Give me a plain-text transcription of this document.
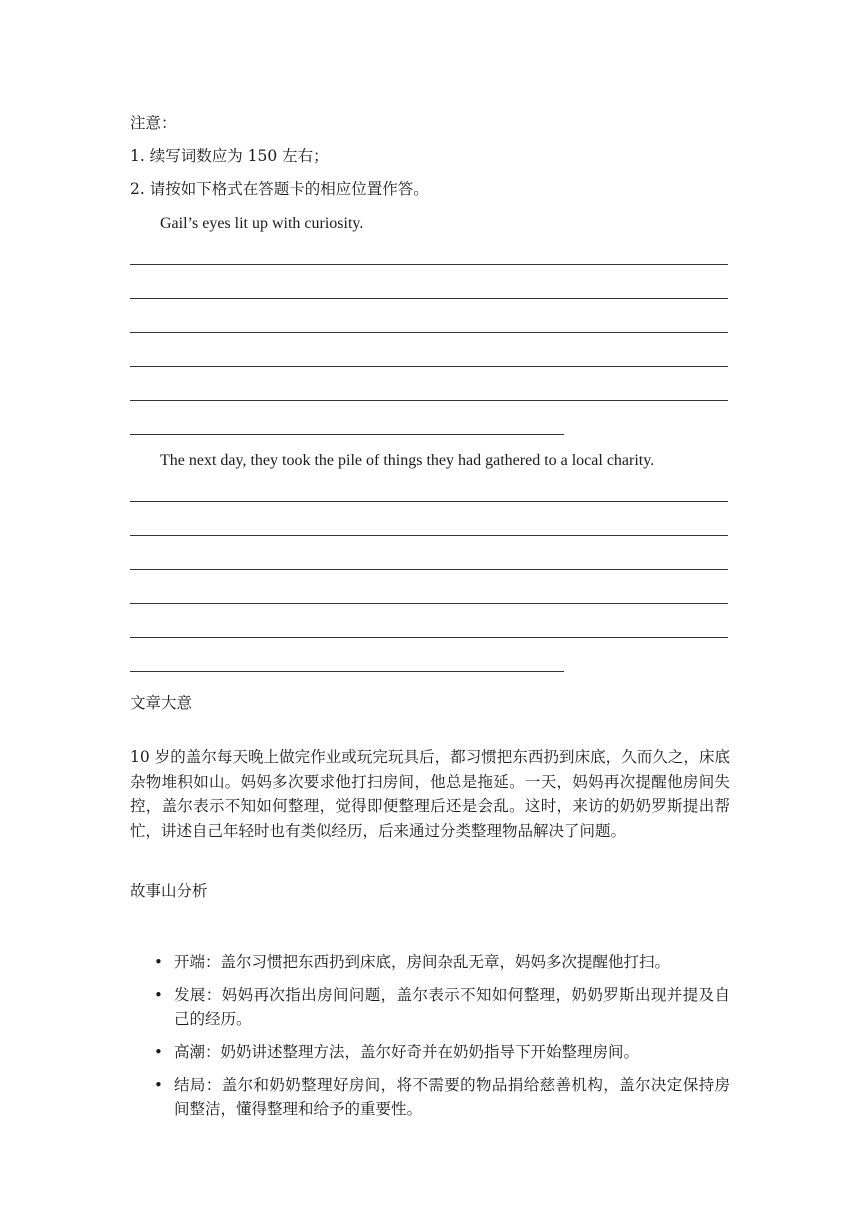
注意：
1. 续写词数应为 150 左右；
2. 请按如下格式在答题卡的相应位置作答。
Gail’s eyes lit up with curiosity.
The next day, they took the pile of things they had gathered to a local charity.
文章大意
10 岁的盖尔每天晚上做完作业或玩完玩具后，都习惯把东西扔到床底，久而久之，床底杂物堆积如山。妈妈多次要求他打扫房间，他总是拖延。一天，妈妈再次提醒他房间失控，盖尔表示不知如何整理，觉得即便整理后还是会乱。这时，来访的奶奶罗斯提出帮忙，讲述自己年轻时也有类似经历，后来通过分类整理物品解决了问题。
故事山分析
• 开端：盖尔习惯把东西扔到床底，房间杂乱无章，妈妈多次提醒他打扫。
• 发展：妈妈再次指出房间问题，盖尔表示不知如何整理，奶奶罗斯出现并提及自己的经历。
• 高潮：奶奶讲述整理方法，盖尔好奇并在奶奶指导下开始整理房间。
• 结局：盖尔和奶奶整理好房间，将不需要的物品捐给慈善机构，盖尔决定保持房间整洁，懂得整理和给予的重要性。
